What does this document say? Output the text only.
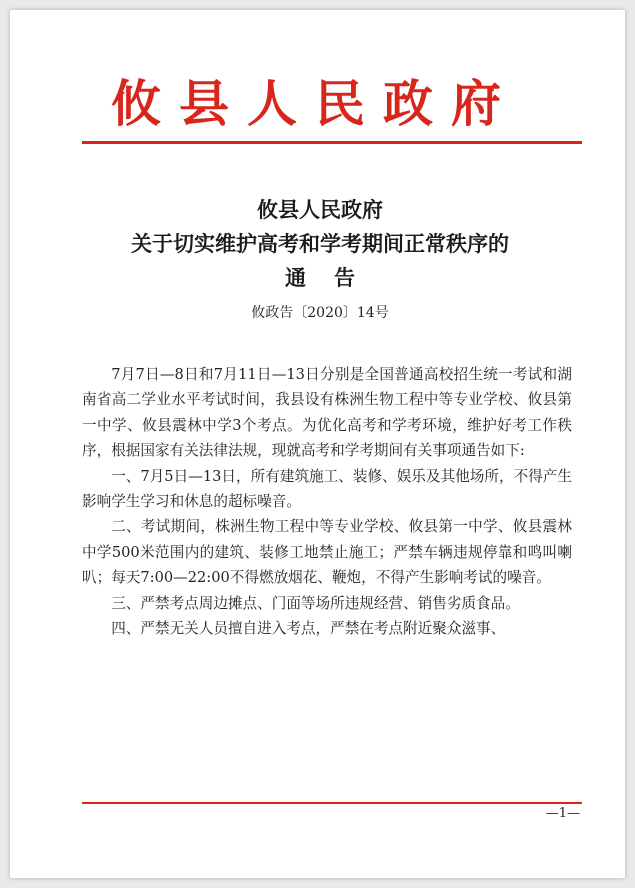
攸县人民政府
攸县人民政府
关于切实维护高考和学考期间正常秩序的
通告
攸政告〔2020〕14号

7月7日—8日和7月11日—13日分别是全国普通高校招生统一考试和湖南省高二学业水平考试时间，我县设有株洲生物工程中等专业学校、攸县第一中学、攸县震林中学3个考点。为优化高考和学考环境，维护好考工作秩序，根据国家有关法律法规，现就高考和学考期间有关事项通告如下:

一、7月5日—13日，所有建筑施工、装修、娱乐及其他场所，不得产生影响学生学习和休息的超标噪音。

二、考试期间，株洲生物工程中等专业学校、攸县第一中学、攸县震林中学500米范围内的建筑、装修工地禁止施工；严禁车辆违规停靠和鸣叫喇叭；每天7:00—22:00不得燃放烟花、鞭炮，不得产生影响考试的噪音。

三、严禁考点周边摊点、门面等场所违规经营、销售劣质食品。

四、严禁无关人员擅自进入考点，严禁在考点附近聚众滋事、

—1—
